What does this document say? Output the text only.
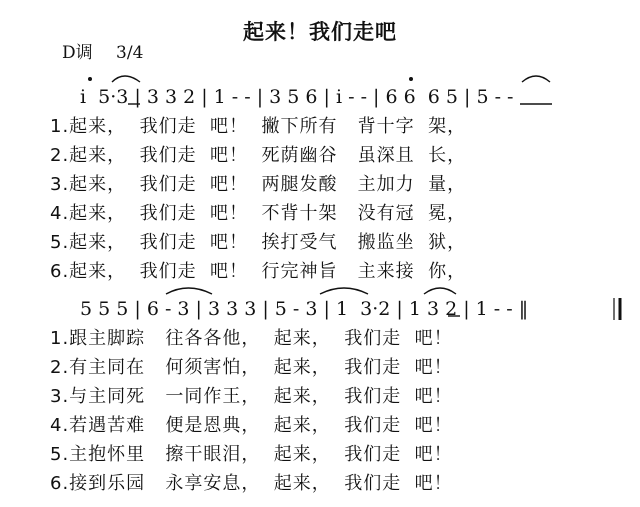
起来！我们走吧
D调 3/4
i  5·3 | 3 3 2 | 1 - - | 3 5 6 | i - - | 6 6  6 5 | 5 - -
1.起来，  我们走  吧！  撇下所有   背十字  架，
2.起来，  我们走  吧！  死荫幽谷   虽深且  长，
3.起来，  我们走  吧！  两腿发酸   主加力  量，
4.起来，  我们走  吧！  不背十架   没有冠  冕，
5.起来，  我们走  吧！  挨打受气   搬监坐  狱，
6.起来，  我们走  吧！  行完神旨   主来接  你，
5 5 5 | 6 - 3 | 3 3 3 | 5 - 3 | 1  3·2 | 1 3 2 | 1 - - ‖
1.跟主脚踪   往各各他，  起来，  我们走  吧！
2.有主同在   何须害怕，  起来，  我们走  吧！
3.与主同死   一同作王，  起来，  我们走  吧！
4.若遇苦难   便是恩典，  起来，  我们走  吧！
5.主抱怀里   擦干眼泪，  起来，  我们走  吧！
6.接到乐园   永享安息，  起来，  我们走  吧！
